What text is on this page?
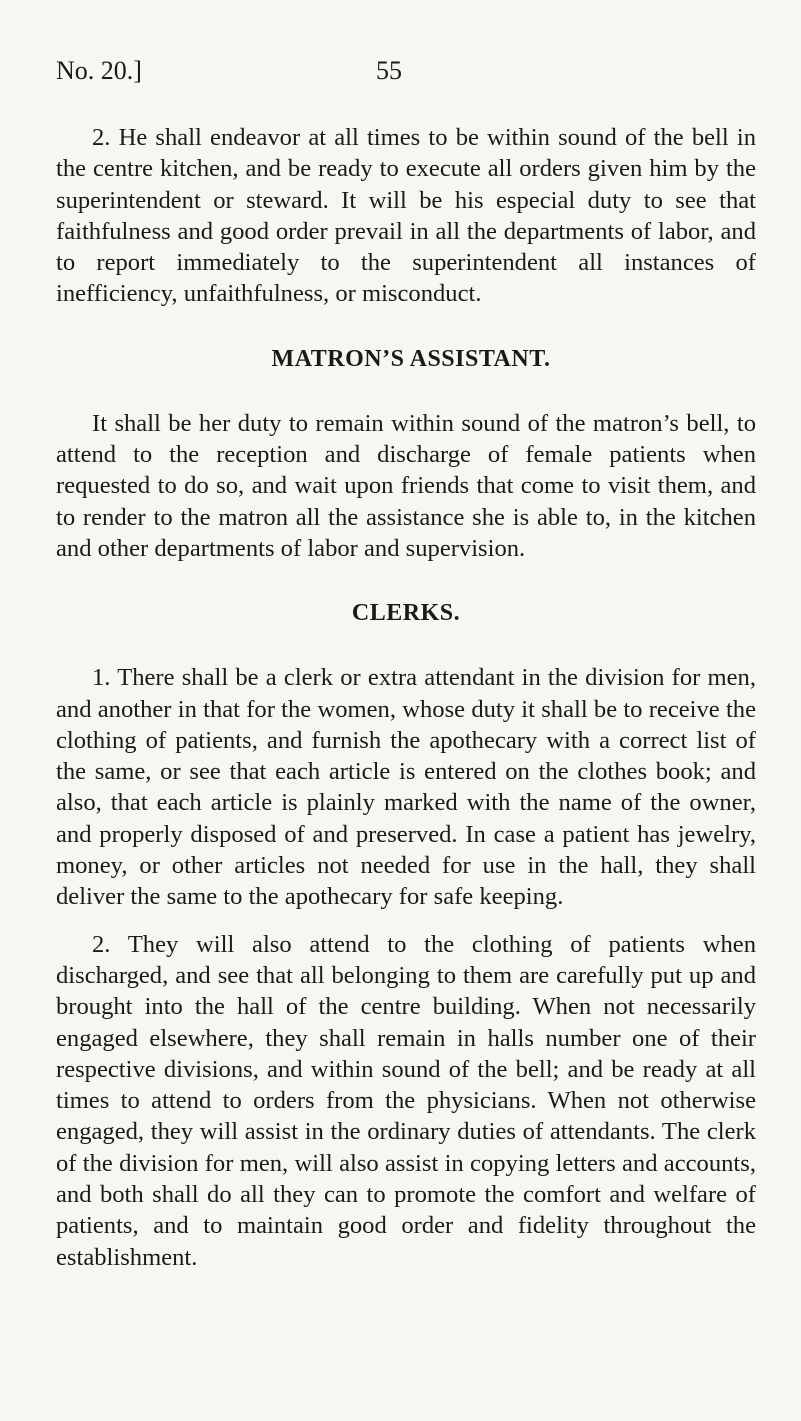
No. 20.]	55

2. He shall endeavor at all times to be within sound of the bell in the centre kitchen, and be ready to execute all orders given him by the superintendent or steward. It will be his especial duty to see that faithfulness and good order prevail in all the departments of labor, and to report immediately to the superintendent all instances of inefficiency, unfaithfulness, or misconduct.

MATRON’S ASSISTANT.

It shall be her duty to remain within sound of the matron’s bell, to attend to the reception and discharge of female patients when requested to do so, and wait upon friends that come to visit them, and to render to the matron all the assistance she is able to, in the kitchen and other departments of labor and supervision.

CLERKS.

1. There shall be a clerk or extra attendant in the division for men, and another in that for the women, whose duty it shall be to receive the clothing of patients, and furnish the apothecary with a correct list of the same, or see that each article is entered on the clothes book; and also, that each article is plainly marked with the name of the owner, and properly disposed of and preserved. In case a patient has jewelry, money, or other articles not needed for use in the hall, they shall deliver the same to the apothecary for safe keeping.

2. They will also attend to the clothing of patients when discharged, and see that all belonging to them are carefully put up and brought into the hall of the centre building. When not necessarily engaged elsewhere, they shall remain in halls number one of their respective divisions, and within sound of the bell; and be ready at all times to attend to orders from the physicians. When not otherwise engaged, they will assist in the ordinary duties of attendants. The clerk of the division for men, will also assist in copying letters and accounts, and both shall do all they can to promote the comfort and welfare of patients, and to maintain good order and fidelity throughout the establishment.
